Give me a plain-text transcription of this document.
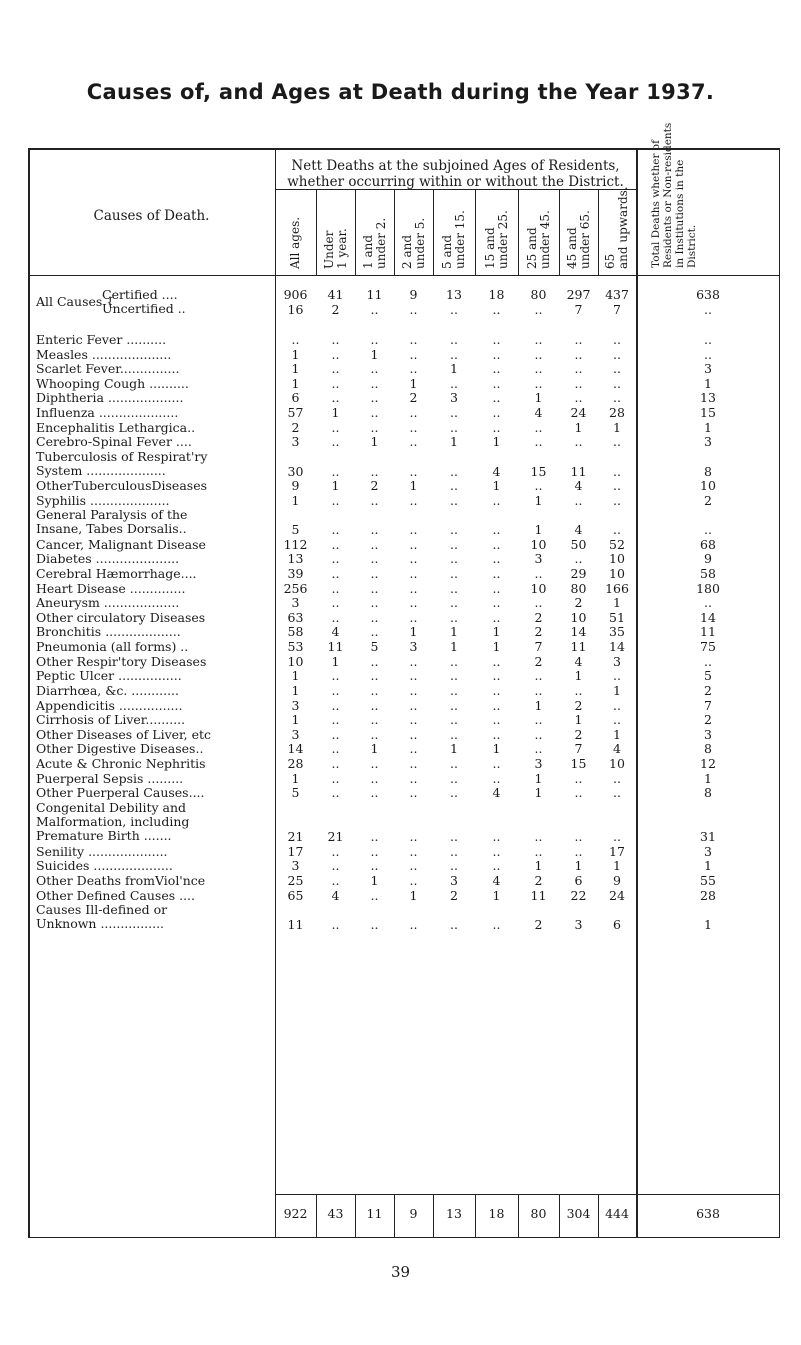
Causes of, and Ages at Death during the Year 1937.
Causes of Death.
Nett Deaths at the subjoined Ages of Residents, whether occurring within or without the District.
All ages. Under 1 year. 1 and under 2. 2 and under 5. 5 and under 15. 15 and under 25. 25 and under 45. 45 and under 65. 65 and upwards. Total Deaths whether of Residents or Non-residents in Institutions in the District.
All Causes {
Certified ....
Uncertified ..
906	41	11	9	13	18	80	297	437	638
16	2	..	..	..	..	..	7	7	..
Enteric Fever ..........	..	..	..	..	..	..	..	..	..	..
Measles ....................	1	..	1	..	..	..	..	..	..	..
Scarlet Fever...............	1	..	..	..	1	..	..	..	..	3
Whooping Cough ..........	1	..	..	1	..	..	..	..	..	1
Diphtheria ...................	6	..	..	2	3	..	1	..	..	13
Influenza ....................	57	1	..	..	..	..	4	24	28	15
Encephalitis Lethargica..	2	..	..	..	..	..	..	1	1	1
Cerebro-Spinal Fever ....	3	..	1	..	1	1	..	..	..	3
Tuberculosis of Respirat'ry
System ....................	30	..	..	..	..	4	15	11	..	8
OtherTuberculousDiseases	9	1	2	1	..	1	..	4	..	10
Syphilis ....................	1	..	..	..	..	..	1	..	..	2
General Paralysis of the
Insane, Tabes Dorsalis..	5	..	..	..	..	..	1	4	..	..
Cancer, Malignant Disease	112	..	..	..	..	..	10	50	52	68
Diabetes .....................	13	..	..	..	..	..	3	..	10	9
Cerebral Hæmorrhage....	39	..	..	..	..	..	..	29	10	58
Heart Disease ..............	256	..	..	..	..	..	10	80	166	180
Aneurysm ...................	3	..	..	..	..	..	..	2	1	..
Other circulatory Diseases	63	..	..	..	..	..	2	10	51	14
Bronchitis ...................	58	4	..	1	1	1	2	14	35	11
Pneumonia (all forms) ..	53	11	5	3	1	1	7	11	14	75
Other Respir'tory Diseases	10	1	..	..	..	..	2	4	3	..
Peptic Ulcer ................	1	..	..	..	..	..	..	1	..	5
Diarrhœa, &c. ............	1	..	..	..	..	..	..	..	1	2
Appendicitis ................	3	..	..	..	..	..	1	2	..	7
Cirrhosis of Liver..........	1	..	..	..	..	..	..	1	..	2
Other Diseases of Liver, etc	3	..	..	..	..	..	..	2	1	3
Other Digestive Diseases..	14	..	1	..	1	1	..	7	4	8
Acute & Chronic Nephritis	28	..	..	..	..	..	3	15	10	12
Puerperal Sepsis .........	1	..	..	..	..	..	1	..	..	1
Other Puerperal Causes....	5	..	..	..	..	4	1	..	..	8
Congenital Debility and
Malformation, including
Premature Birth .......	21	21	..	..	..	..	..	..	..	31
Senility ....................	17	..	..	..	..	..	..	..	17	3
Suicides ....................	3	..	..	..	..	..	1	1	1	1
Other Deaths fromViol'nce	25	..	1	..	3	4	2	6	9	55
Other Defined Causes ....	65	4	..	1	2	1	11	22	24	28
Causes Ill-defined or
Unknown ................	11	..	..	..	..	..	2	3	6	1
922	43	11	9	13	18	80	304	444	638
39
